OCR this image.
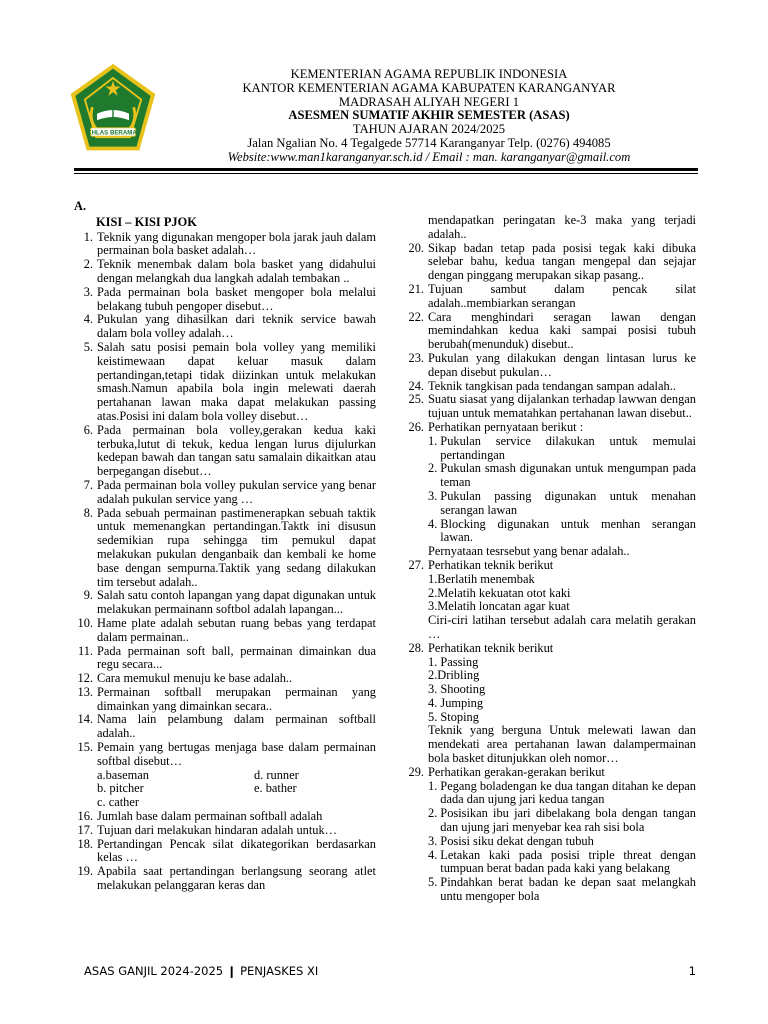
IKHLAS BERAMAL
KEMENTERIAN AGAMA REPUBLIK INDONESIA
KANTOR KEMENTERIAN AGAMA KABUPATEN KARANGANYAR
MADRASAH ALIYAH NEGERI 1
ASESMEN SUMATIF AKHIR SEMESTER (ASAS)
TAHUN AJARAN 2024/2025
Jalan Ngalian No. 4 Tegalgede 57714 Karanganyar Telp. (0276) 494085
Website:www.man1karanganyar.sch.id / Email : man. karanganyar@gmail.com
A.
KISI – KISI PJOK
1. Teknik yang digunakan mengoper bola jarak jauh dalam permainan bola basket adalah…
2. Teknik menembak dalam bola basket yang didahului dengan melangkah dua langkah adalah tembakan ..
3. Pada permainan bola basket mengoper bola melalui belakang tubuh pengoper disebut…
4. Pukulan yang dihasilkan dari teknik service bawah dalam bola volley adalah…
5. Salah satu posisi pemain bola volley yang memiliki keistimewaan dapat keluar masuk dalam pertandingan,tetapi tidak diizinkan untuk melakukan smash.Namun apabila bola ingin melewati daerah pertahanan lawan maka dapat melakukan passing atas.Posisi ini dalam bola volley disebut…
6. Pada permainan bola volley,gerakan kedua kaki terbuka,lutut di tekuk, kedua lengan lurus dijulurkan kedepan bawah dan tangan satu samalain dikaitkan atau berpegangan disebut…
7. Pada permainan bola volley pukulan service yang benar adalah pukulan service yang …
8. Pada sebuah permainan pastimenerapkan sebuah taktik untuk memenangkan pertandingan.Taktk ini disusun sedemikian rupa sehingga tim pemukul dapat melakukan pukulan denganbaik dan kembali ke home base dengan sempurna.Taktik yang sedang dilakukan tim tersebut adalah..
9. Salah satu contoh lapangan yang dapat digunakan untuk melakukan permainann softbol adalah lapangan...
10. Hame plate adalah sebutan ruang bebas yang terdapat dalam permainan..
11. Pada permainan soft ball, permainan dimainkan dua regu secara...
12. Cara memukul menuju ke base adalah..
13. Permainan softball merupakan permainan yang dimainkan yang dimainkan secara..
14. Nama lain pelambung dalam permainan softball adalah..
15. Pemain yang bertugas menjaga base dalam permainan softbal disebut…
a.baseman	d. runner
b. pitcher	e. bather
c. cather
16. Jumlah base dalam permainan softball adalah
17. Tujuan dari melakukan hindaran adalah untuk…
18. Pertandingan Pencak silat dikategorikan berdasarkan kelas …
19. Apabila saat pertandingan berlangsung seorang atlet melakukan pelanggaran keras dan
mendapatkan peringatan ke-3 maka yang terjadi adalah..
20. Sikap badan tetap pada posisi tegak kaki dibuka selebar bahu, kedua tangan mengepal dan sejajar dengan pinggang merupakan sikap pasang..
21. Tujuan sambut dalam pencak silat adalah..membiarkan serangan
22. Cara menghindari seragan lawan dengan memindahkan kedua kaki sampai posisi tubuh berubah(menunduk) disebut..
23. Pukulan yang dilakukan dengan lintasan lurus ke depan disebut pukulan…
24. Teknik tangkisan pada tendangan sampan adalah..
25. Suatu siasat yang dijalankan terhadap lawwan dengan tujuan untuk mematahkan pertahanan lawan disebut..
26. Perhatikan pernyataan berikut :
1. Pukulan service dilakukan untuk memulai pertandingan
2. Pukulan smash digunakan untuk mengumpan pada teman
3. Pukulan passing digunakan untuk menahan serangan lawan
4. Blocking digunakan untuk menhan serangan lawan.
Pernyataan tesrsebut yang benar adalah..
27. Perhatikan teknik berikut
1.Berlatih menembak
2.Melatih kekuatan otot kaki
3.Melatih loncatan agar kuat
Ciri-ciri latihan tersebut adalah cara melatih gerakan …
28. Perhatikan teknik berikut
1. Passing
2.Dribling
3. Shooting
4. Jumping
5. Stoping
Teknik yang berguna Untuk melewati lawan dan mendekati area pertahanan lawan dalampermainan bola basket ditunjukkan oleh nomor…
29. Perhatikan gerakan-gerakan berikut
1. Pegang boladengan ke dua tangan ditahan ke depan dada dan ujung jari kedua tangan
2. Posisikan ibu jari dibelakang bola dengan tangan dan ujung jari menyebar kea rah sisi bola
3. Posisi siku dekat dengan tubuh
4. Letakan kaki pada posisi triple threat dengan tumpuan berat badan pada kaki yang belakang
5. Pindahkan berat badan ke depan saat melangkah untu mengoper bola
ASAS GANJIL 2024-2025 ❙ PENJASKES XI	1
